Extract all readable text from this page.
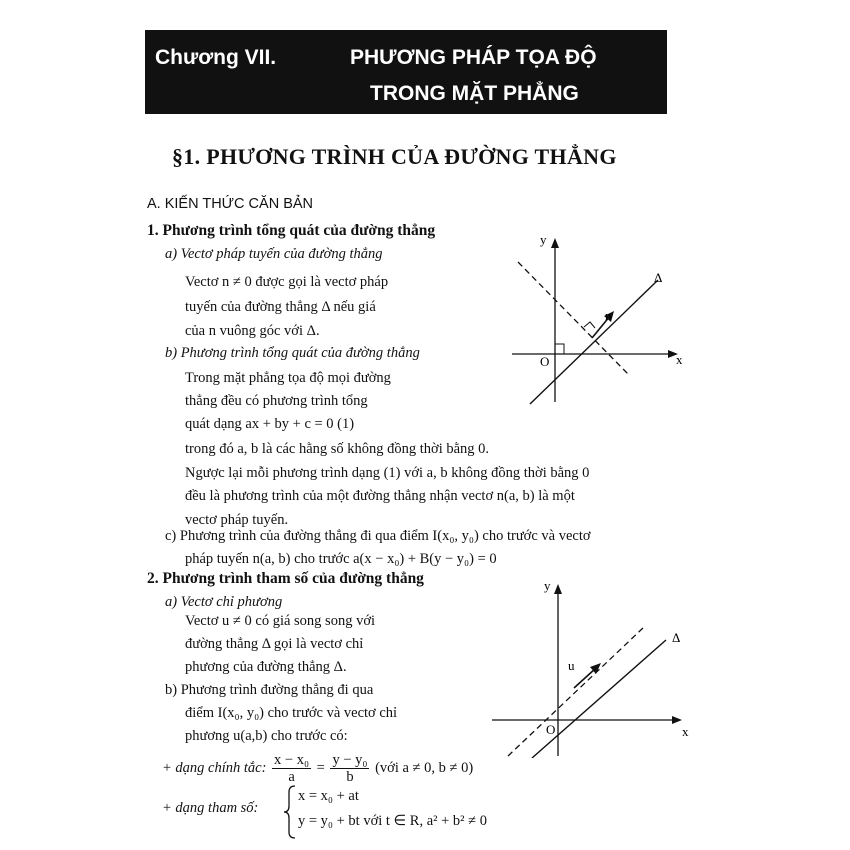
Chương VII.	PHƯƠNG PHÁP TỌA ĐỘ
TRONG MẶT PHẲNG
§1. PHƯƠNG TRÌNH CỦA ĐƯỜNG THẲNG
A. KIẾN THỨC CĂN BẢN
1. Phương trình tổng quát của đường thẳng
a) Vectơ pháp tuyến của đường thẳng
Vectơ n ≠ 0 được gọi là vectơ pháp
tuyến của đường thẳng Δ nếu giá
của n vuông góc với Δ.
b) Phương trình tổng quát của đường thẳng
Trong mặt phẳng tọa độ mọi đường
thẳng đều có phương trình tổng
quát dạng ax + by + c = 0 (1)
trong đó a, b là các hằng số không đồng thời bằng 0.
Ngược lại mỗi phương trình dạng (1) với a, b không đồng thời bằng 0
đều là phương trình của một đường thẳng nhận vectơ n(a, b) là một
vectơ pháp tuyến.
c) Phương trình của đường thẳng đi qua điểm I(x₀, y₀) cho trước và vectơ
pháp tuyến n(a, b) cho trước a(x − x₀) + B(y − y₀) = 0
y
x
O
Δ
n
2. Phương trình tham số của đường thẳng
a) Vectơ chỉ phương
Vectơ u ≠ 0 có giá song song với
đường thẳng Δ gọi là vectơ chỉ
phương của đường thẳng Δ.
b) Phương trình đường thẳng đi qua
điểm I(x₀, y₀) cho trước và vectơ chỉ
phương u(a,b) cho trước có:
+ dạng chính tắc: $\frac{\text{x − x₀}}{a} = \frac{\text{y − y₀}}{b}$ (với a ≠ 0, b ≠ 0)
+ dạng tham số:
x = x₀ + at
y = y₀ + bt với t ∈ R, a² + b² ≠ 0
y
x
O
Δ
u
